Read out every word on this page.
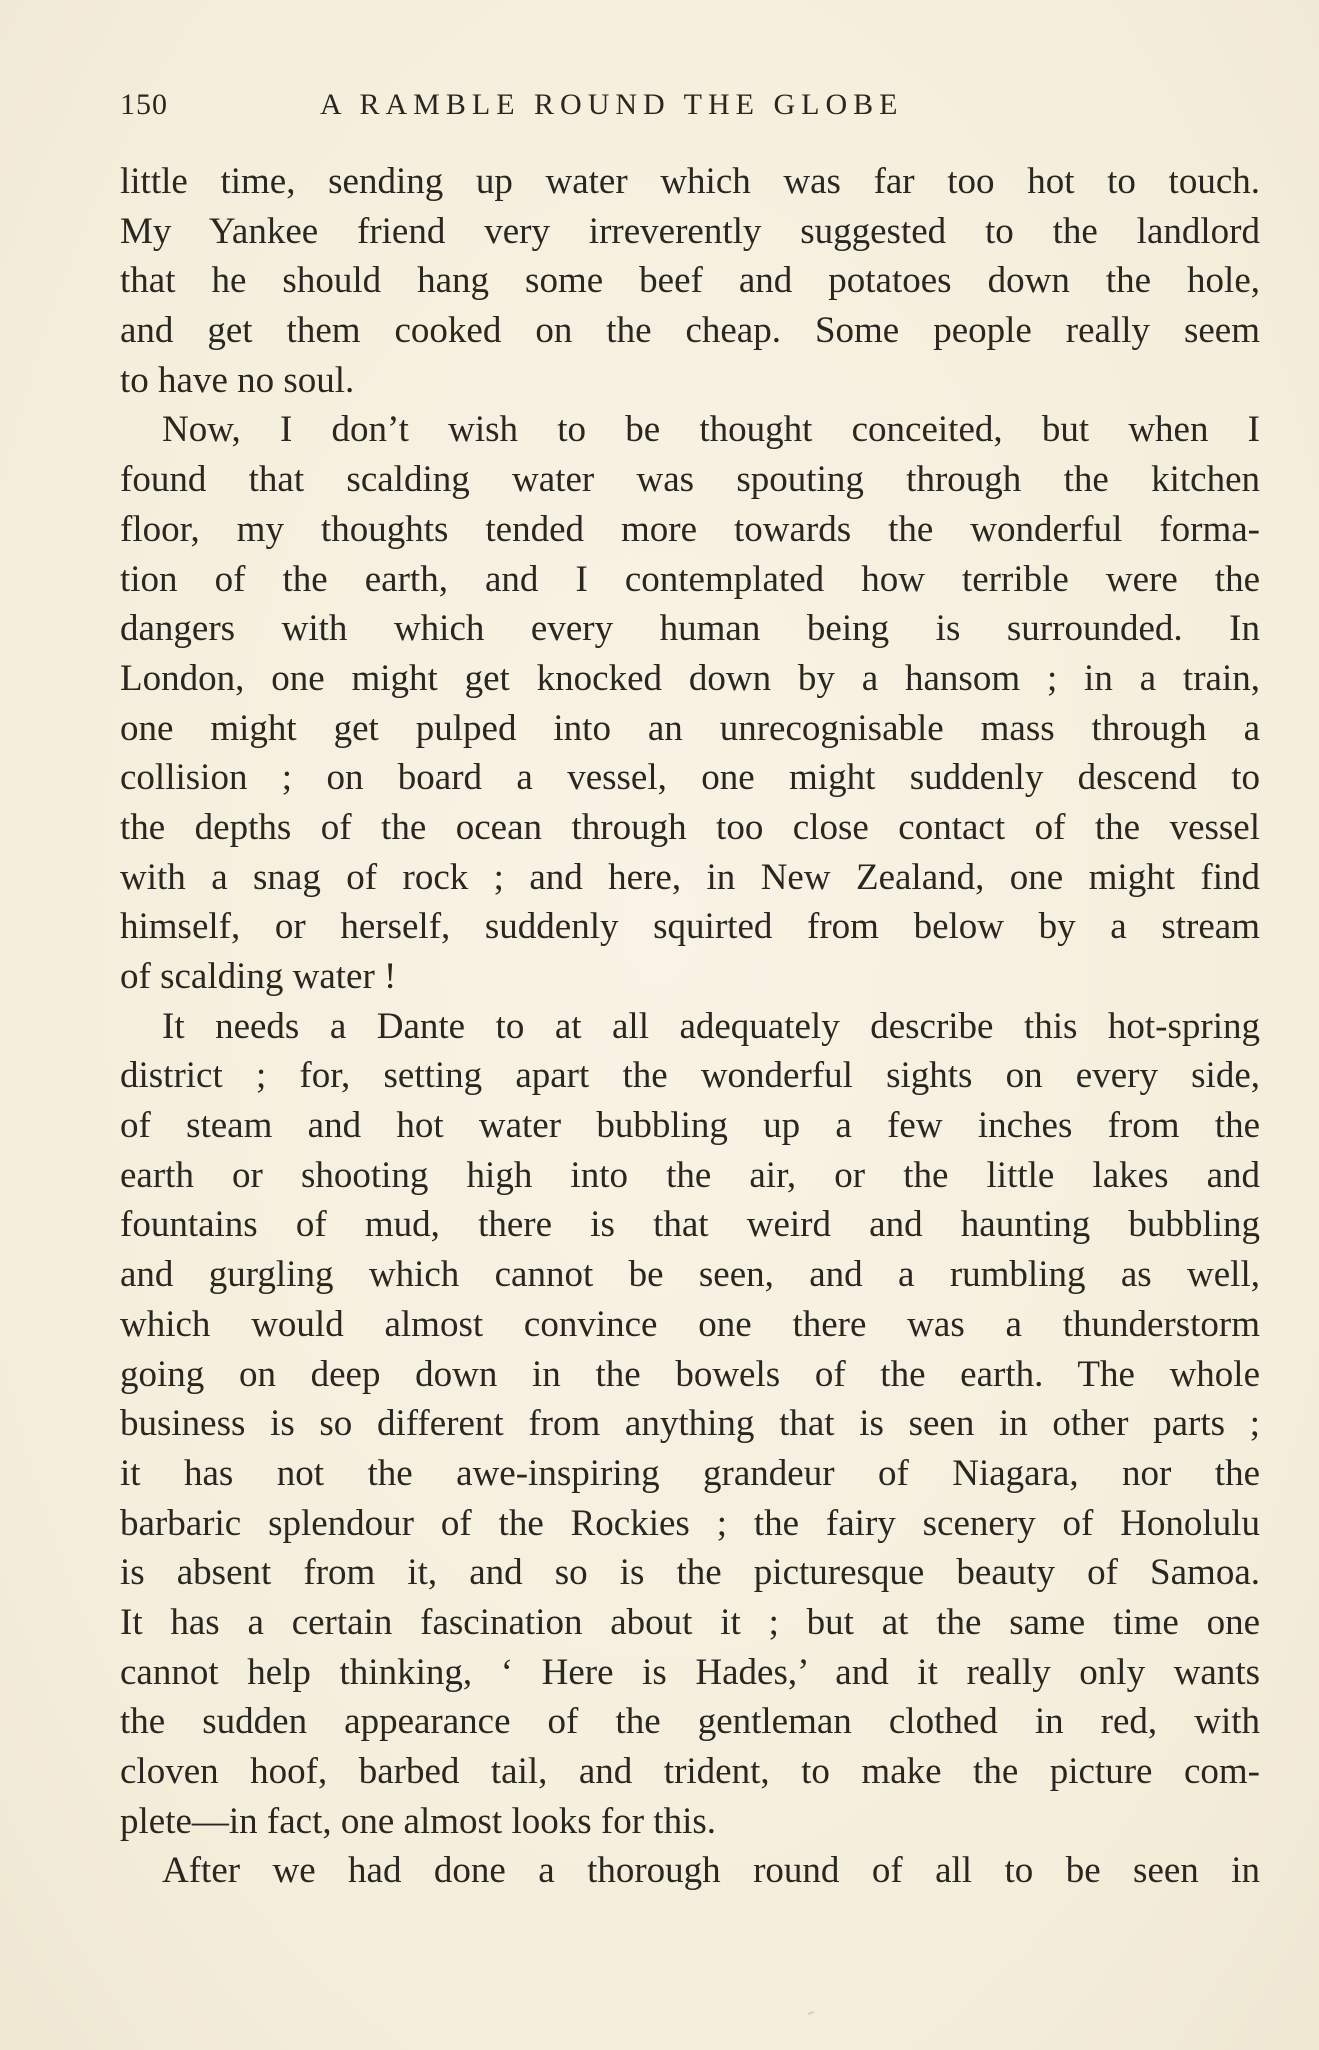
150	A RAMBLE ROUND THE GLOBE
little time, sending up water which was far too hot to touch.
My Yankee friend very irreverently suggested to the landlord
that he should hang some beef and potatoes down the hole,
and get them cooked on the cheap. Some people really seem
to have no soul.
Now, I don’t wish to be thought conceited, but when I
found that scalding water was spouting through the kitchen
floor, my thoughts tended more towards the wonderful forma-
tion of the earth, and I contemplated how terrible were the
dangers with which every human being is surrounded. In
London, one might get knocked down by a hansom ; in a train,
one might get pulped into an unrecognisable mass through a
collision ; on board a vessel, one might suddenly descend to
the depths of the ocean through too close contact of the vessel
with a snag of rock ; and here, in New Zealand, one might find
himself, or herself, suddenly squirted from below by a stream
of scalding water !
It needs a Dante to at all adequately describe this hot-spring
district ; for, setting apart the wonderful sights on every side,
of steam and hot water bubbling up a few inches from the
earth or shooting high into the air, or the little lakes and
fountains of mud, there is that weird and haunting bubbling
and gurgling which cannot be seen, and a rumbling as well,
which would almost convince one there was a thunderstorm
going on deep down in the bowels of the earth. The whole
business is so different from anything that is seen in other parts ;
it has not the awe-inspiring grandeur of Niagara, nor the
barbaric splendour of the Rockies ; the fairy scenery of Honolulu
is absent from it, and so is the picturesque beauty of Samoa.
It has a certain fascination about it ; but at the same time one
cannot help thinking, ‘ Here is Hades,’ and it really only wants
the sudden appearance of the gentleman clothed in red, with
cloven hoof, barbed tail, and trident, to make the picture com-
plete—in fact, one almost looks for this.
After we had done a thorough round of all to be seen in
